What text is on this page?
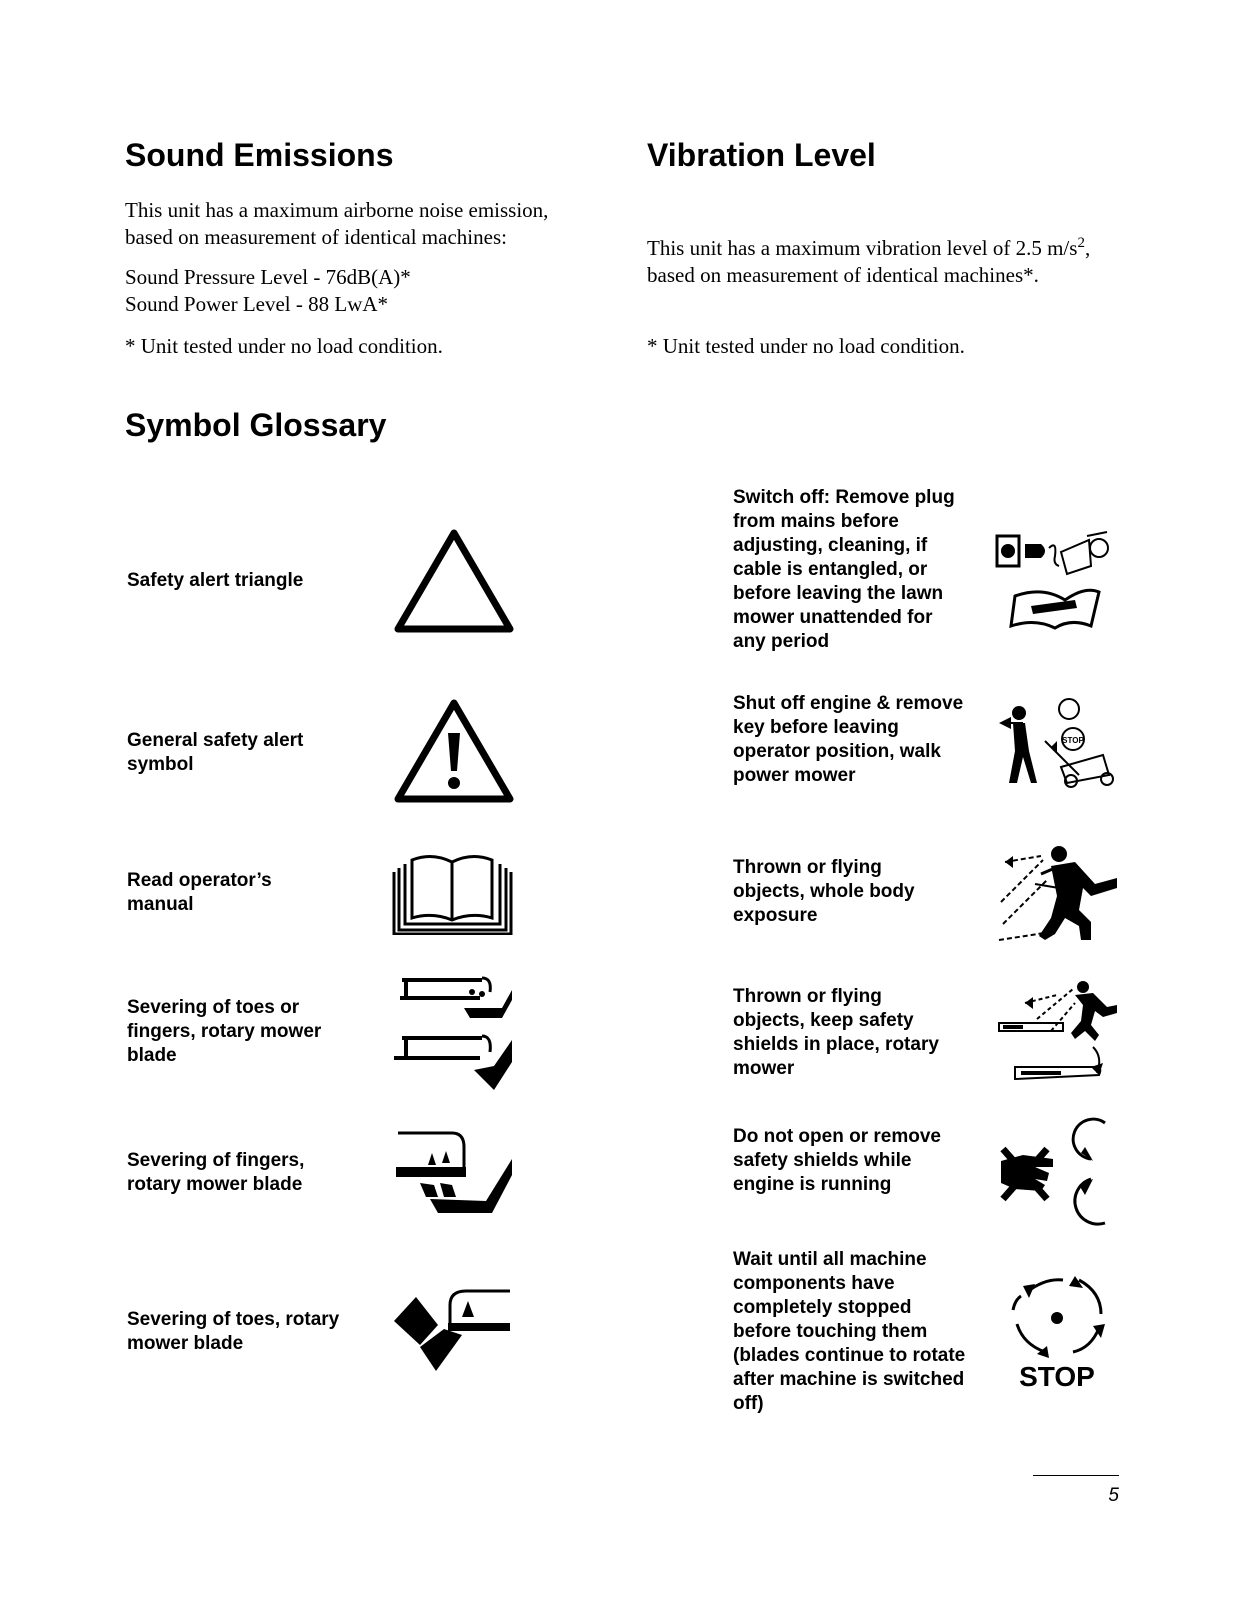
Sound Emissions

This unit has a maximum airborne noise emission, based on measurement of identical machines:

Sound Pressure Level - 76dB(A)*

Sound Power Level - 88 LwA*

* Unit tested under no load condition.

Vibration Level

This unit has a maximum vibration level of 2.5 $m/s^2$,
based on measurement of identical machines*.

* Unit tested under no load condition.

Symbol Glossary

Safety alert triangle

General safety alert symbol

Read operator’s manual

Severing of toes or fingers, rotary mower blade

Severing of fingers, rotary mower blade

Severing of toes, rotary mower blade

Switch off: Remove plug from mains before adjusting, cleaning, if cable is entangled, or before leaving the lawn mower unattended for any period

Shut off engine & remove key before leaving operator position, walk power mower

Thrown or flying objects, whole body exposure

Thrown or flying objects, keep safety shields in place, rotary mower

Do not open or remove safety shields while engine is running

Wait until all machine components have completely stopped before touching them (blades continue to rotate after machine is switched off)

STOP
STOP
5
